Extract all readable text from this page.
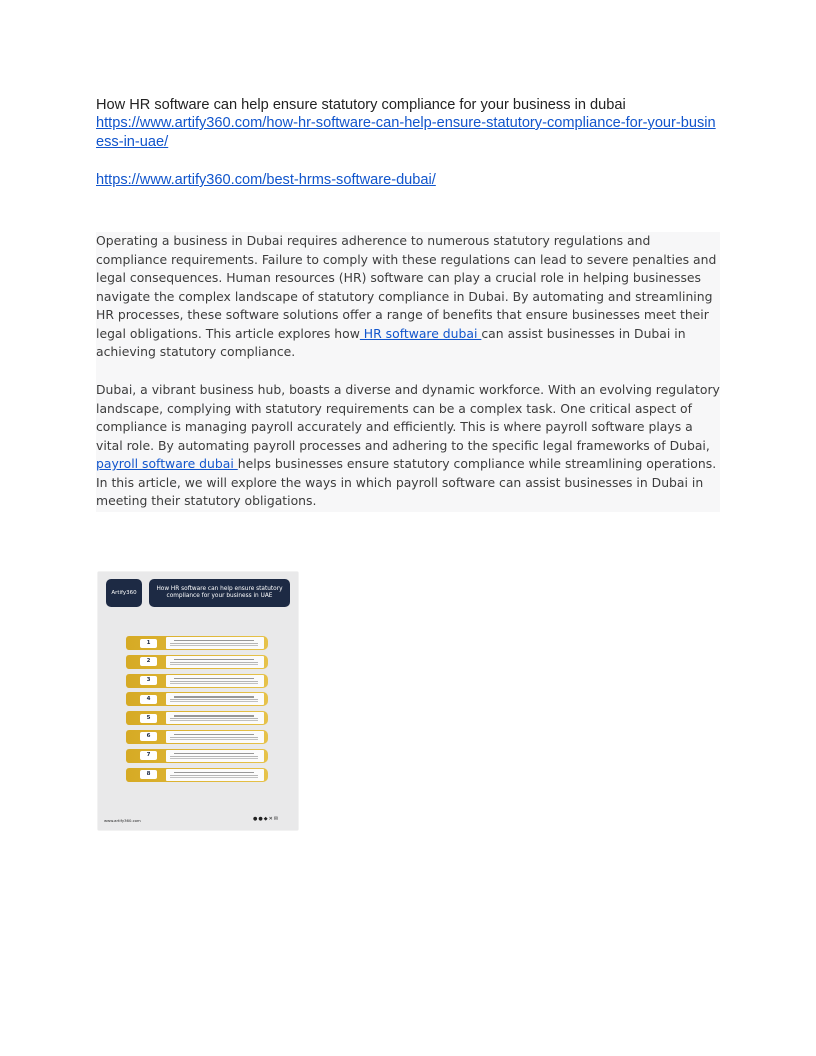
How HR software can help ensure statutory compliance for your business in dubai

https://www.artify360.com/how-hr-software-can-help-ensure-statutory-compliance-for-your-business-in-uae/
https://www.artify360.com/best-hrms-software-dubai/

Operating a business in Dubai requires adherence to numerous statutory regulations and compliance requirements. Failure to comply with these regulations can lead to severe penalties and legal consequences. Human resources (HR) software can play a crucial role in helping businesses navigate the complex landscape of statutory compliance in Dubai. By automating and streamlining HR processes, these software solutions offer a range of benefits that ensure businesses meet their legal obligations. This article explores how HR software dubai can assist businesses in Dubai in achieving statutory compliance.

Dubai, a vibrant business hub, boasts a diverse and dynamic workforce. With an evolving regulatory landscape, complying with statutory requirements can be a complex task. One critical aspect of compliance is managing payroll accurately and efficiently. This is where payroll software plays a vital role. By automating payroll processes and adhering to the specific legal frameworks of Dubai, payroll software dubai helps businesses ensure statutory compliance while streamlining operations. In this article, we will explore the ways in which payroll software can assist businesses in Dubai in meeting their statutory obligations.

Artify360
How HR software can help ensure statutory compliance for your business in UAE
1
2
3
4
5
6
7
8
www.artify360.com	●●◆✕✉
